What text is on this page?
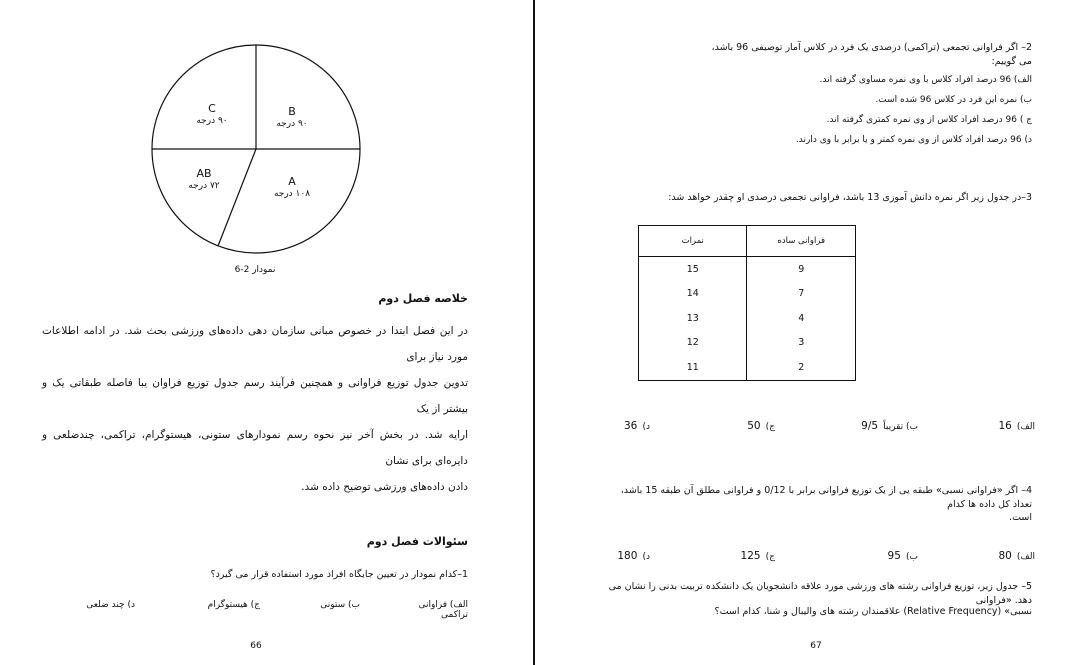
B
۹۰ درجه
C
۹۰ درجه
AB
۷۲ درجه	A
۱۰۸ درجه
نمودار 2-6
خلاصه فصل دوم
در این فصل ابتدا در خصوص مبانی سازمان دهی داده‌های ورزشی بحث شد. در ادامه اطلاعات مورد نیاز برای
تدوین جدول توزیع فراوانی و همچنین فرآیند رسم جدول توزیع فراوان یبا فاصله طبقاتی یک و بیشتر از یک
ارایه شد. در بخش آخر نیز نحوه رسم نمودارهای ستونی، هیستوگرام، تراکمی، چندضلعی و دایره‌ای برای نشان
دادن داده‌های ورزشی توضیح داده شد.
سئوالات فصل دوم
1–کدام نمودار در تعیین جایگاه افراد مورد استفاده قرار می گیرد؟
الف) فراوانی تراکمی
ب) ستونی
ج) هیستوگرام
د) چند ضلعی
66
2– اگر فراوانی تجمعی (تراکمی) درصدی یک فرد در کلاس آمار توصیفی 96 باشد، می گوییم:
الف) 96 درصد افراد کلاس با وی نمره مساوی گرفته اند.
ب) نمره این فرد در کلاس 96 شده است.
ج ) 96 درصد افراد کلاس از وی نمره کمتری گرفته اند.
د) 96 درصد افراد کلاس از وی نمره کمتر و یا برابر با وی دارند.
3–در جدول زیر اگر نمره دانش آموزی 13 باشد، فراوانی تجمعی درصدی او چقدر خواهد شد:
نمرات	فراوانی ساده
15	9
14	7
13	4
12	3
11	2
الف) 16
ب) تقریباً 9/5
ج) 50
د) 36
4– اگر «فراوانی نسبی» طبقه یی از یک توزیع فراوانی برابر با 0/12 و فراوانی مطلق آن طبقه 15 باشد، تعداد کل داده ها کدام
است.
الف) 80
ب) 95
ج) 125
د) 180
5– جدول زیر، توزیع فراوانی رشته های ورزشی مورد علاقه دانشجویان یک دانشکده تربیت بدنی را نشان می دهد. «فراوانی
نسبی» (Relative Frequency) علاقمندان رشته های والیبال و شنا، کدام است؟
67
